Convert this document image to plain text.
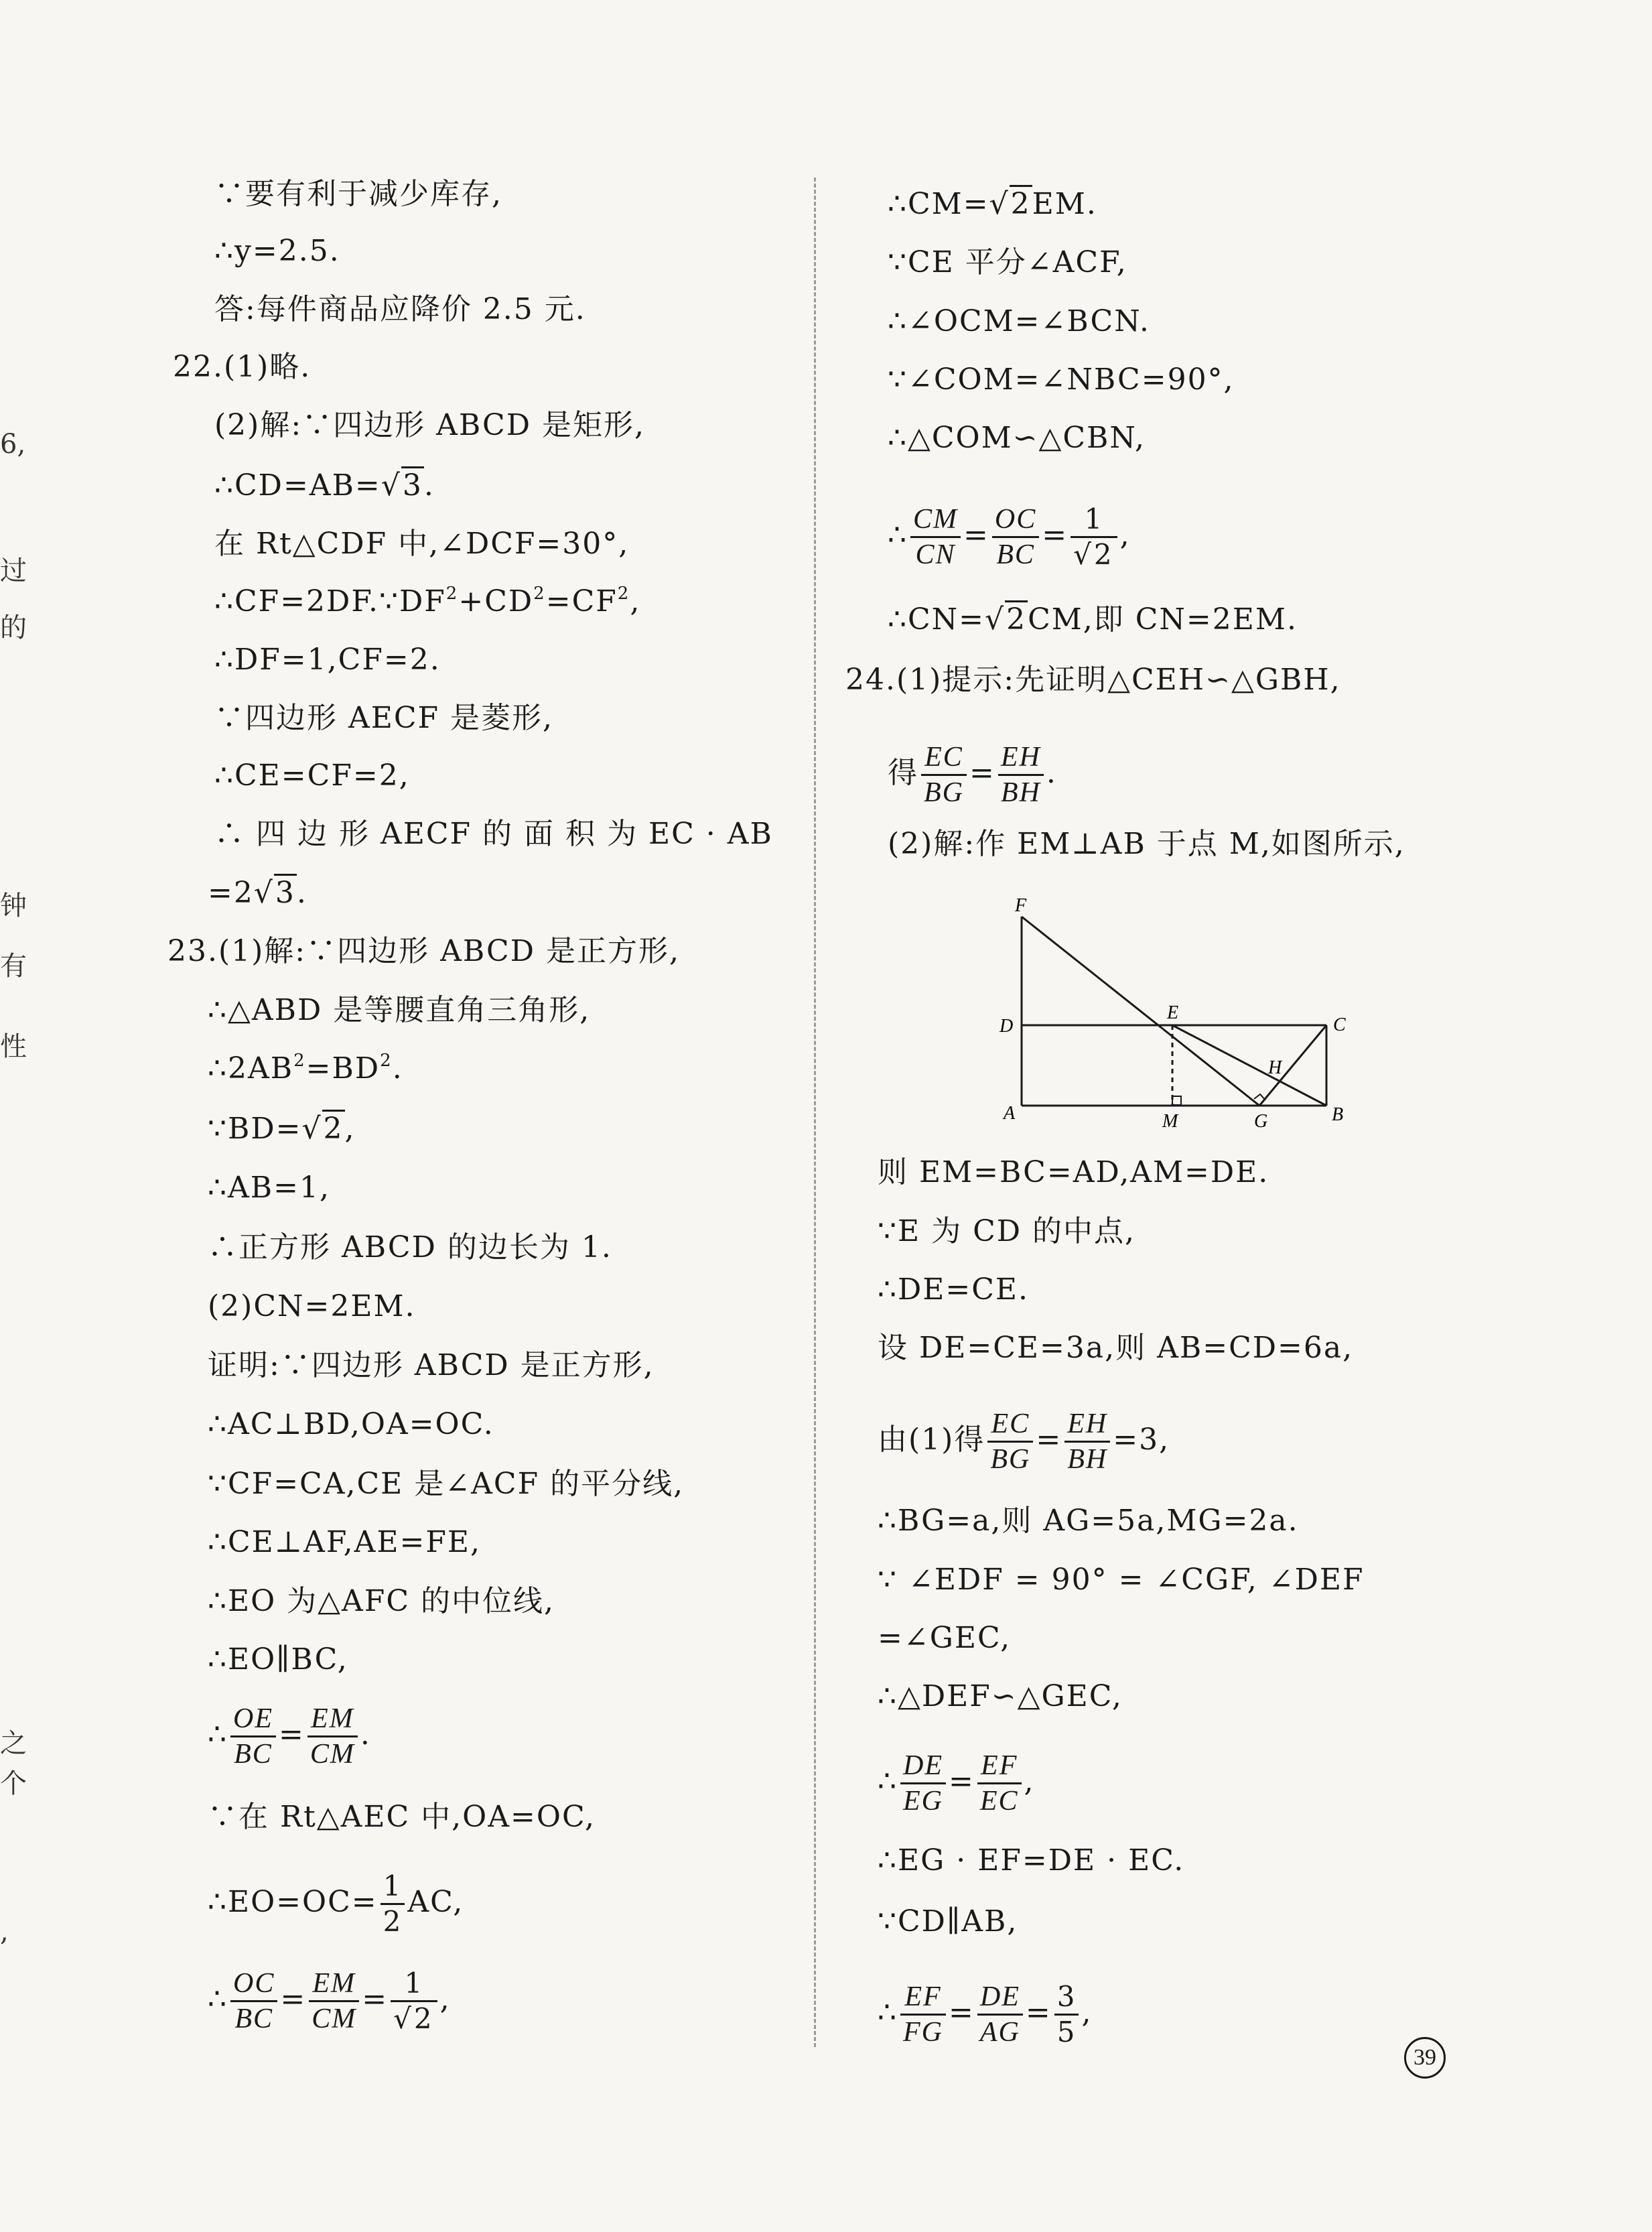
6,
过
的
钟
有
性
之
个
,
∵要有利于减少库存,
∴y=2.5.
答:每件商品应降价 2.5 元.
22.(1)略.
(2)解:∵四边形 ABCD 是矩形,
∴CD=AB=√3.
在 Rt△CDF 中,∠DCF=30°,
$\therefore CF=2DF.\because DF^2+CD^2=CF^2$,
∴DF=1,CF=2.
∵四边形 AECF 是菱形,
∴CE=CF=2,
∴ 四 边 形 AECF 的 面 积 为 EC · AB
=2√3.
23.(1)解:∵四边形 ABCD 是正方形,
∴△ABD 是等腰直角三角形,
$\therefore 2AB^2=BD^2$.
∵BD=√2,
∴AB=1,
∴正方形 ABCD 的边长为 1.
(2)CN=2EM.
证明:∵四边形 ABCD 是正方形,
∴AC⊥BD,OA=OC.
∵CF=CA,CE 是∠ACF 的平分线,
∴CE⊥AF,AE=FE,
∴EO 为△AFC 的中位线,
∴EO∥BC,
∴ $\frac{OE}{BC} = \frac{EM}{CM}$ .
∵在 Rt△AEC 中,OA=OC,
∴EO=OC= $\frac{1}{2}$ AC,
∴ $\frac{OC}{BC} = \frac{EM}{CM} = \frac{1}{√2}$ ,
∴CM=√2EM.
∵CE 平分∠ACF,
∴∠OCM=∠BCN.
∵∠COM=∠NBC=90°,
∴△COM∽△CBN,
∴ $\frac{CM}{CN} = \frac{OC}{BC} = \frac{1}{√2}$ ,
∴CN=√2CM,即 CN=2EM.
24.(1)提示:先证明△CEH∽△GBH,
得 $\frac{EC}{BG} = \frac{EH}{BH}$ .
(2)解:作 EM⊥AB 于点 M,如图所示,
F
D
E
C
H
A	M	G	B
则 EM=BC=AD,AM=DE.
∵E 为 CD 的中点,
∴DE=CE.
设 DE=CE=3a,则 AB=CD=6a,
由(1)得 $\frac{EC}{BG} = \frac{EH}{BH} =3$,
∴BG=a,则 AG=5a,MG=2a.
∵ ∠EDF = 90° = ∠CGF, ∠DEF
=∠GEC,
∴△DEF∽△GEC,
∴ $\frac{DE}{EG} = \frac{EF}{EC}$ ,
∴EG · EF=DE · EC.
∵CD∥AB,
∴ $\frac{EF}{FG} = \frac{DE}{AG} = \frac{3}{5}$ ,
39
